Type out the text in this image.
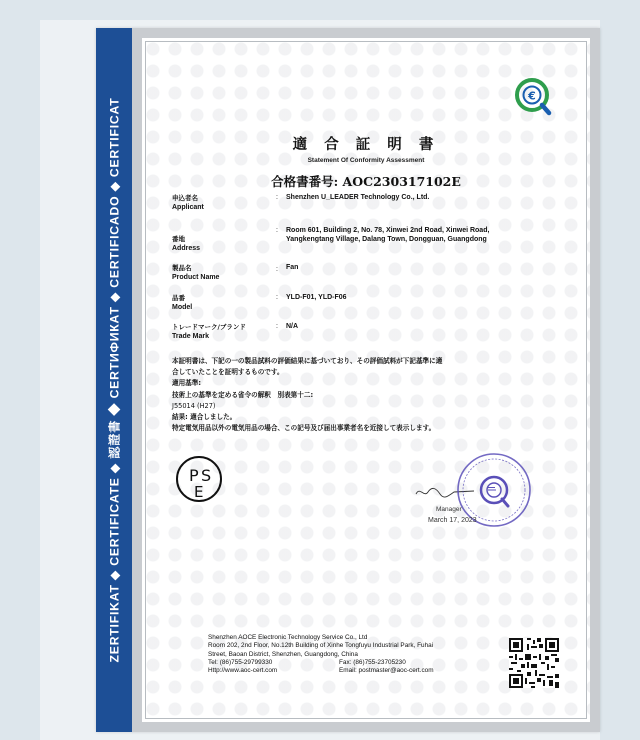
ZERTIFIKAT ◆ CERTIFICATE ◆ 認證書 ◆ CERTИФИКАТ ◆ CERTIFICADO ◆ CERTIFICAT
€
適 合 証 明 書
Statement Of Conformity Assessment
合格書番号: AOC230317102E
申込者名
Applicant
: Shenzhen U_LEADER Technology Co., Ltd.
番地
Address
: Room 601, Building 2, No. 78, Xinwei 2nd Road, Xinwei Road, Yangkengtang Village, Dalang Town, Dongguan, Guangdong
製品名
Product Name
: Fan
品番
Model
: YLD-F01, YLD-F06
トレードマーク/ブランド
Trade Mark
: N/A
本証明書は、下記の一の製品試料の評価結果に基づいており、その評価試料が下記基準に適
合していたことを証明するものです。
適用基準:
技術上の基準を定める省令の解釈　別表第十二:
J55014 (H27)
結果: 適合しました。
特定電気用品以外の電気用品の場合、この記号及び届出事業者名を近接して表示します。
P S
E
Manager
March 17, 2023
Shenzhen AOCE Electronic Technology Service Co., Ltd
Room 202, 2nd Floor, No.12th Building of Xinhe Tongfuyu Industrial Park, Fuhai
Street, Baoan District, Shenzhen, Guangdong, China
Tel: (86)755-29799330	Fax: (86)755-23705230
Http://www.aoc-cert.com	Email: postmaster@aoc-cert.com
